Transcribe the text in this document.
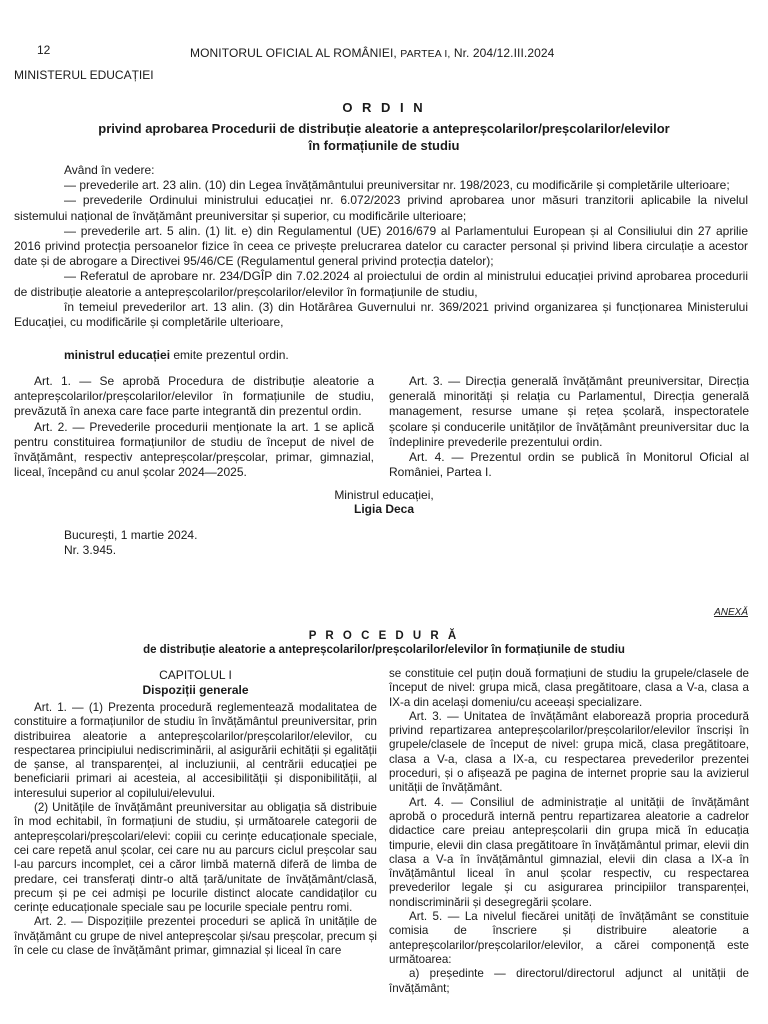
12	MONITORUL OFICIAL AL ROMÂNIEI, PARTEA I, Nr. 204/12.III.2024
MINISTERUL EDUCAȚIEI
O R D I N
privind aprobarea Procedurii de distribuție aleatorie a antepreșcolarilor/preșcolarilor/elevilor
în formațiunile de studiu

Având în vedere:

— prevederile art. 23 alin. (10) din Legea învățământului preuniversitar nr. 198/2023, cu modificările și completările ulterioare;

— prevederile Ordinului ministrului educației nr. 6.072/2023 privind aprobarea unor măsuri tranzitorii aplicabile la nivelul sistemului național de învățământ preuniversitar și superior, cu modificările ulterioare;

— prevederile art. 5 alin. (1) lit. e) din Regulamentul (UE) 2016/679 al Parlamentului European și al Consiliului din 27 aprilie 2016 privind protecția persoanelor fizice în ceea ce privește prelucrarea datelor cu caracter personal și privind libera circulație a acestor date și de abrogare a Directivei 95/46/CE (Regulamentul general privind protecția datelor);

— Referatul de aprobare nr. 234/DGÎP din 7.02.2024 al proiectului de ordin al ministrului educației privind aprobarea procedurii de distribuție aleatorie a antepreșcolarilor/preșcolarilor/elevilor în formațiunile de studiu,

în temeiul prevederilor art. 13 alin. (3) din Hotărârea Guvernului nr. 369/2021 privind organizarea și funcționarea Ministerului Educației, cu modificările și completările ulterioare,

ministrul educației emite prezentul ordin.

Art. 1. — Se aprobă Procedura de distribuție aleatorie a antepreșcolarilor/preșcolarilor/elevilor în formațiunile de studiu, prevăzută în anexa care face parte integrantă din prezentul ordin.

Art. 2. — Prevederile procedurii menționate la art. 1 se aplică pentru constituirea formațiunilor de studiu de început de nivel de învățământ, respectiv antepreșcolar/preșcolar, primar, gimnazial, liceal, începând cu anul școlar 2024—2025.

Art. 3. — Direcția generală învățământ preuniversitar, Direcția generală minorități și relația cu Parlamentul, Direcția generală management, resurse umane și rețea școlară, inspectoratele școlare și conducerile unităților de învățământ preuniversitar duc la îndeplinire prevederile prezentului ordin.

Art. 4. — Prezentul ordin se publică în Monitorul Oficial al României, Partea I.

Ministrul educației,
Ligia Deca
București, 1 martie 2024.
Nr. 3.945.
ANEXĂ
P R O C E D U R Ă
de distribuție aleatorie a antepreșcolarilor/preșcolarilor/elevilor în formațiunile de studiu
CAPITOLUL I
Dispoziții generale

Art. 1. — (1) Prezenta procedură reglementează modalitatea de constituire a formațiunilor de studiu în învățământul preuniversitar, prin distribuirea aleatorie a antepreșcolarilor/preșcolarilor/elevilor, cu respectarea principiului nediscriminării, al asigurării echității și egalității de șanse, al transparenței, al incluziunii, al centrării educației pe beneficiarii primari ai acesteia, al accesibilității și disponibilității, al interesului superior al copilului/elevului.

(2) Unitățile de învățământ preuniversitar au obligația să distribuie în mod echitabil, în formațiuni de studiu, și următoarele categorii de antepreșcolari/preșcolari/elevi: copiii cu cerințe educaționale speciale, cei care repetă anul școlar, cei care nu au parcurs ciclul preșcolar sau l-au parcurs incomplet, cei a căror limbă maternă diferă de limba de predare, cei transferați dintr-o altă țară/unitate de învățământ/clasă, precum și pe cei admiși pe locurile distinct alocate candidaților cu cerințe educaționale speciale sau pe locurile speciale pentru romi.

Art. 2. — Dispozițiile prezentei proceduri se aplică în unitățile de învățământ cu grupe de nivel antepreșcolar și/sau preșcolar, precum și în cele cu clase de învățământ primar, gimnazial și liceal în care

se constituie cel puțin două formațiuni de studiu la grupele/clasele de început de nivel: grupa mică, clasa pregătitoare, clasa a V-a, clasa a IX-a din același domeniu/cu aceeași specializare.

Art. 3. — Unitatea de învățământ elaborează propria procedură privind repartizarea antepreșcolarilor/preșcolarilor/elevilor înscriși în grupele/clasele de început de nivel: grupa mică, clasa pregătitoare, clasa a V-a, clasa a IX-a, cu respectarea prevederilor prezentei proceduri, și o afișează pe pagina de internet proprie sau la avizierul unității de învățământ.

Art. 4. — Consiliul de administrație al unității de învățământ aprobă o procedură internă pentru repartizarea aleatorie a cadrelor didactice care preiau antepreșcolarii din grupa mică în educația timpurie, elevii din clasa pregătitoare în învățământul primar, elevii din clasa a V-a în învățământul gimnazial, elevii din clasa a IX-a în învățământul liceal în anul școlar respectiv, cu respectarea prevederilor legale și cu asigurarea principiilor transparenței, nondiscriminării și desegregării școlare.

Art. 5. — La nivelul fiecărei unități de învățământ se constituie comisia de înscriere și distribuire aleatorie a antepreșcolarilor/preșcolarilor/elevilor, a cărei componență este următoarea:

a) președinte — directorul/directorul adjunct al unității de învățământ;
